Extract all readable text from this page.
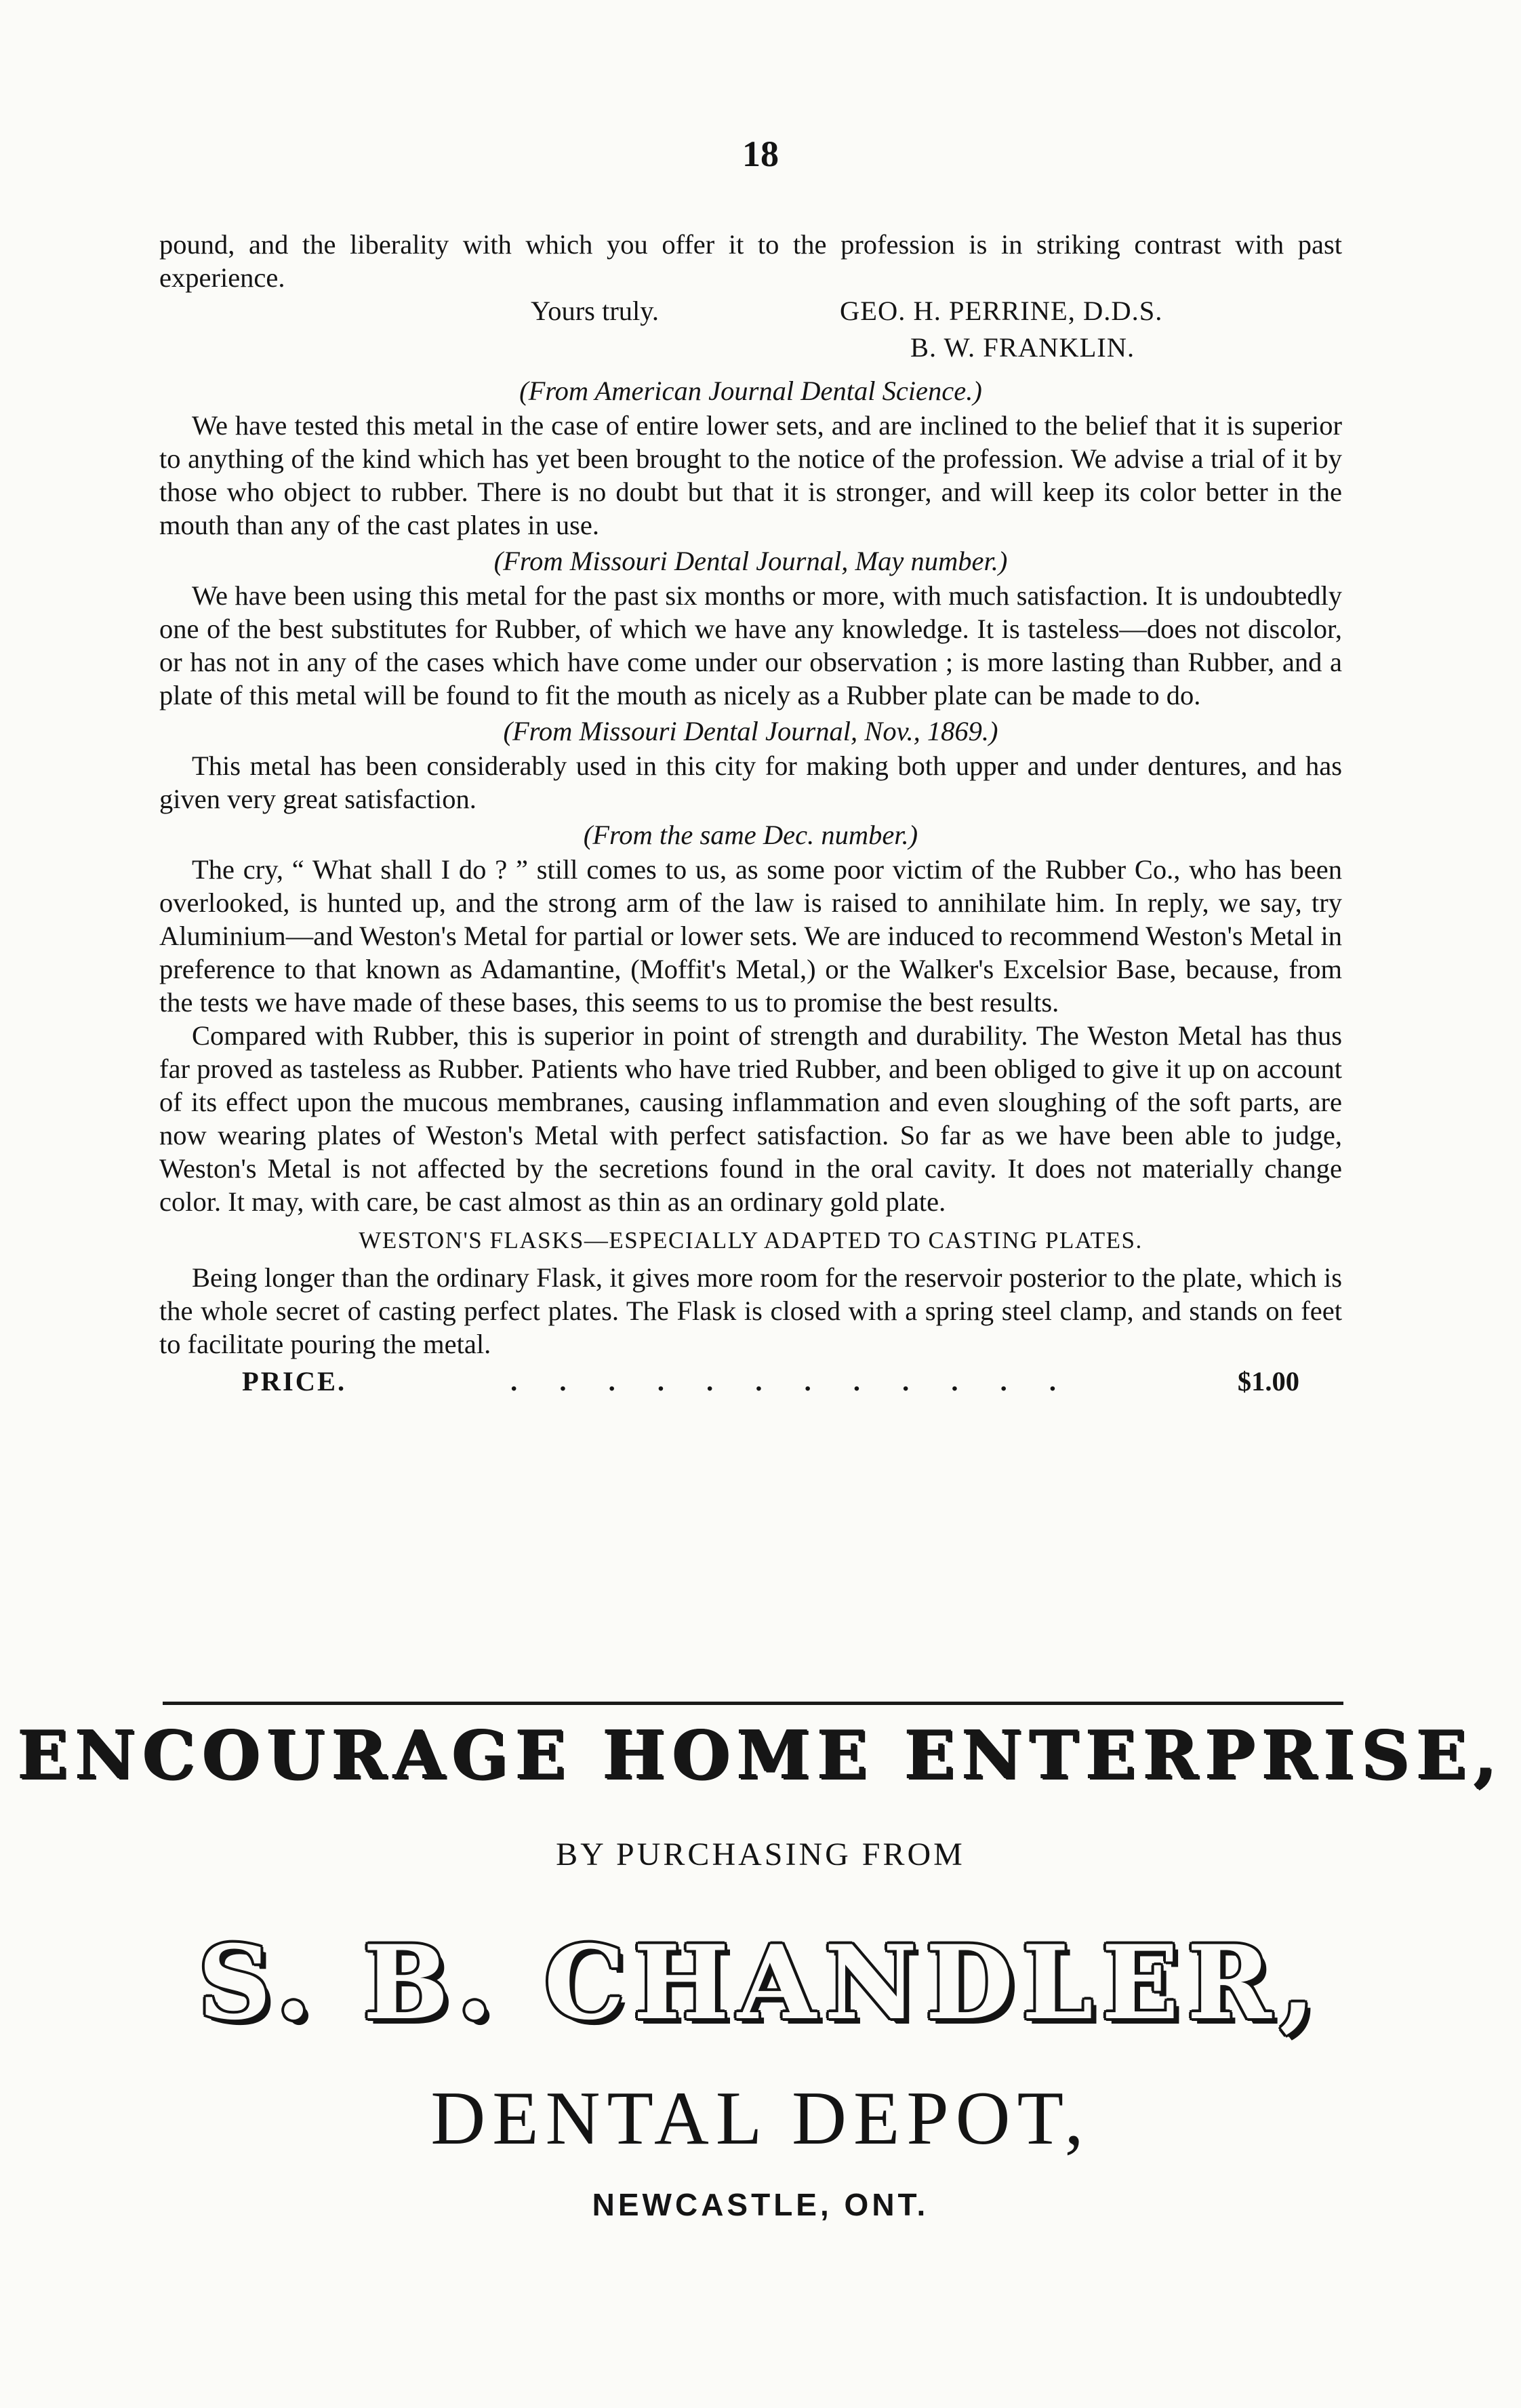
18

pound, and the liberality with which you offer it to the profession is in striking contrast with past experience.

Yours truly.	GEO. H. PERRINE, D.D.S.
B. W. FRANKLIN.
(From American Journal Dental Science.)

We have tested this metal in the case of entire lower sets, and are inclined to the belief that it is superior to anything of the kind which has yet been brought to the notice of the profession. We advise a trial of it by those who object to rubber. There is no doubt but that it is stronger, and will keep its color better in the mouth than any of the cast plates in use.

(From Missouri Dental Journal, May number.)

We have been using this metal for the past six months or more, with much satisfaction. It is undoubtedly one of the best substitutes for Rubber, of which we have any knowledge. It is tasteless—does not discolor, or has not in any of the cases which have come under our observation ; is more lasting than Rubber, and a plate of this metal will be found to fit the mouth as nicely as a Rubber plate can be made to do.

(From Missouri Dental Journal, Nov., 1869.)

This metal has been considerably used in this city for making both upper and under dentures, and has given very great satisfaction.

(From the same Dec. number.)

The cry, “ What shall I do ? ” still comes to us, as some poor victim of the Rubber Co., who has been overlooked, is hunted up, and the strong arm of the law is raised to annihilate him. In reply, we say, try Aluminium—and Weston's Metal for partial or lower sets. We are induced to recommend Weston's Metal in preference to that known as Adamantine, (Moffit's Metal,) or the Walker's Excelsior Base, because, from the tests we have made of these bases, this seems to us to promise the best results.

Compared with Rubber, this is superior in point of strength and durability. The Weston Metal has thus far proved as tasteless as Rubber. Patients who have tried Rubber, and been obliged to give it up on account of its effect upon the mucous membranes, causing inflammation and even sloughing of the soft parts, are now wearing plates of Weston's Metal with perfect satisfaction. So far as we have been able to judge, Weston's Metal is not affected by the secretions found in the oral cavity. It does not materially change color. It may, with care, be cast almost as thin as an ordinary gold plate.

WESTON'S FLASKS—ESPECIALLY ADAPTED TO CASTING PLATES.

Being longer than the ordinary Flask, it gives more room for the reservoir posterior to the plate, which is the whole secret of casting perfect plates. The Flask is closed with a spring steel clamp, and stands on feet to facilitate pouring the metal.

PRICE.	. . . . . . . . . . . .	$1.00
ENCOURAGE HOME ENTERPRISE,
BY PURCHASING FROM
S. B. CHANDLER,
DENTAL DEPOT,
NEWCASTLE, ONT.
